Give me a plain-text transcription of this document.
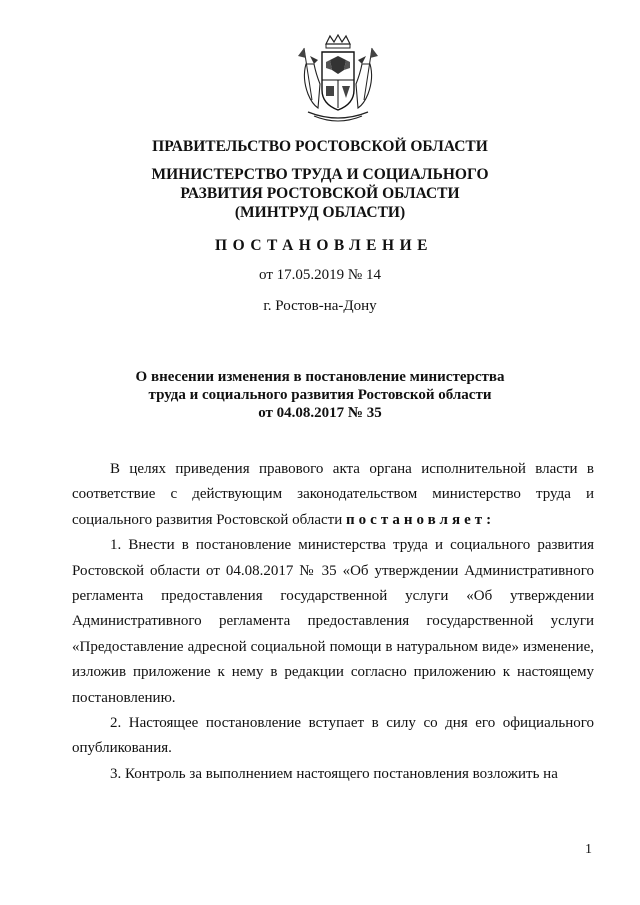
ПРАВИТЕЛЬСТВО РОСТОВСКОЙ ОБЛАСТИ
МИНИСТЕРСТВО ТРУДА И СОЦИАЛЬНОГО
РАЗВИТИЯ РОСТОВСКОЙ ОБЛАСТИ
(МИНТРУД ОБЛАСТИ)
ПОСТАНОВЛЕНИЕ
от 17.05.2019 № 14
г. Ростов-на-Дону
О внесении изменения в постановление министерства
труда и социального развития Ростовской области
от 04.08.2017 № 35

В целях приведения правового акта органа исполнительной власти в соответствие с действующим законодательством министерство труда и социального развития Ростовской области постановляет:

1. Внести в постановление министерства труда и социального развития Ростовской области от 04.08.2017 № 35 «Об утверждении Административного регламента предоставления государственной услуги «Об утверждении Административного регламента предоставления государственной услуги «Предоставление адресной социальной помощи в натуральном виде» изменение, изложив приложение к нему в редакции согласно приложению к настоящему постановлению.

2. Настоящее постановление вступает в силу со дня его официального опубликования.

3. Контроль за выполнением настоящего постановления возложить на

1
